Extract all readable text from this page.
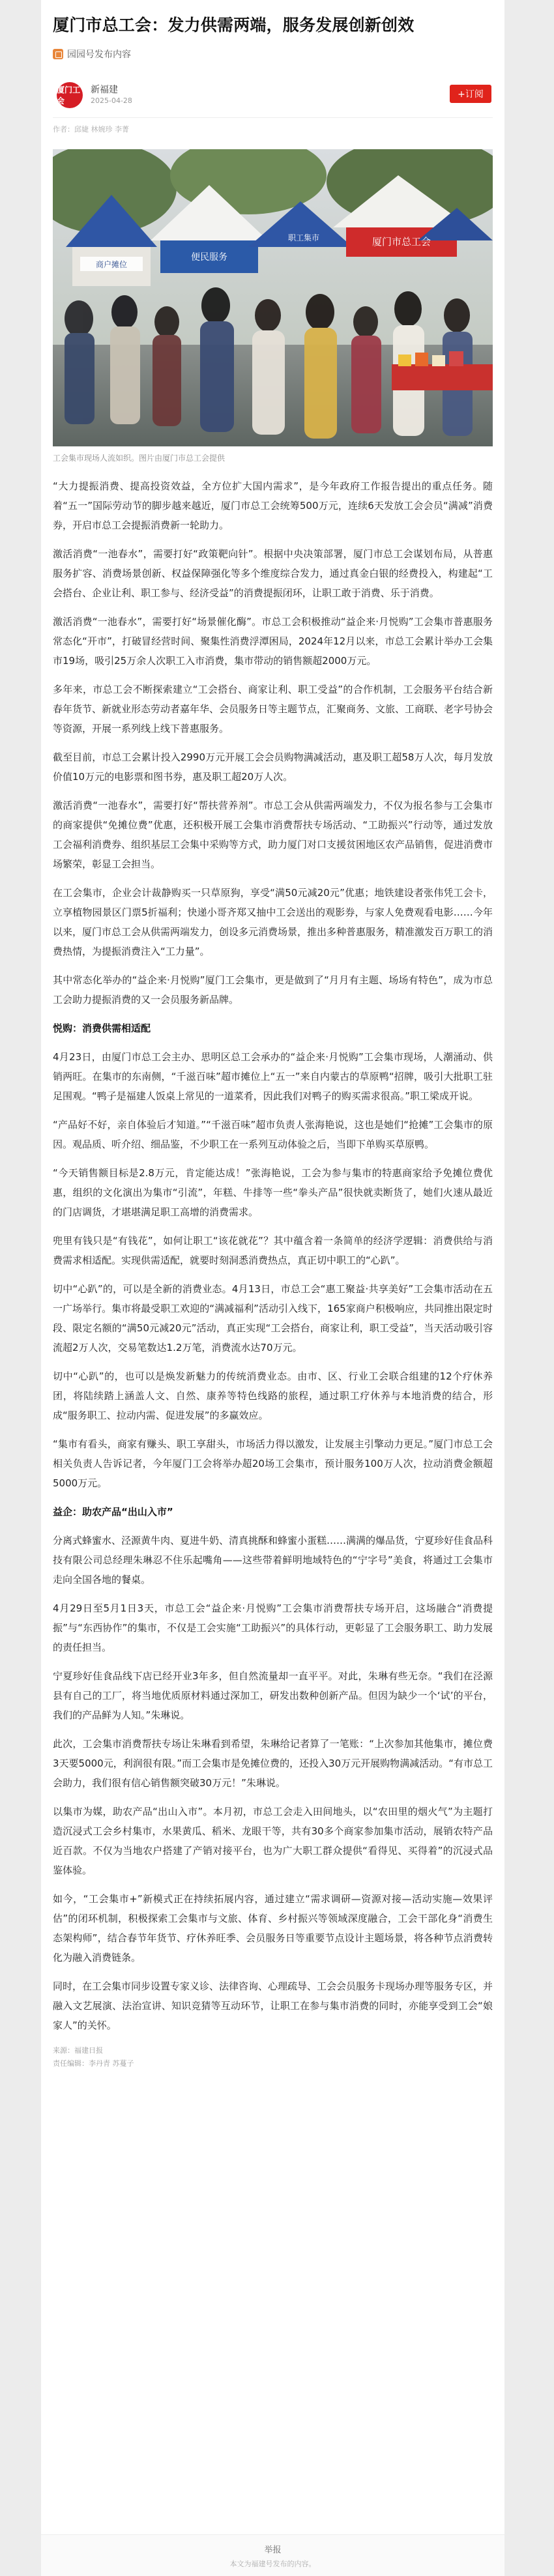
厦门市总工会：发力供需两端，服务发展创新创效
园园号发布内容
厦门工会
新福建
2025-04-28
+订阅
作者：邱婕 林婉珍 李菁
商户摊位
便民服务
厦门市总工会
职工集市
工会集市现场人流如织。图片由厦门市总工会提供

“大力提振消费、提高投资效益，全方位扩大国内需求”，是今年政府工作报告提出的重点任务。随着“五一”国际劳动节的脚步越来越近，厦门市总工会统筹500万元，连续6天发放工会会员“满减”消费券，开启市总工会提振消费新一轮助力。

激活消费“一池春水”，需要打好“政策靶向针”。根据中央决策部署，厦门市总工会谋划布局，从普惠服务扩容、消费场景创新、权益保障强化等多个维度综合发力，通过真金白银的经费投入，构建起“工会搭台、企业让利、职工参与、经济受益”的消费提振闭环，让职工敢于消费、乐于消费。

激活消费“一池春水”，需要打好“场景催化酶”。市总工会积极推动“益企来·月悦购”工会集市普惠服务常态化“开市”，打破冒经营时间、聚集性消费浮潭困局，2024年12月以来，市总工会累计举办工会集市19场，吸引25万余人次职工入市消费，集市带动的销售额超2000万元。

多年来，市总工会不断探索建立“工会搭台、商家让利、职工受益”的合作机制，工会服务平台结合新春年货节、新就业形态劳动者嘉年华、会员服务日等主题节点，汇聚商务、文旅、工商联、老字号协会等资源，开展一系列线上线下普惠服务。

截至目前，市总工会累计投入2990万元开展工会会员购物满减活动，惠及职工超58万人次，每月发放价值10万元的电影票和图书券，惠及职工超20万人次。

激活消费“一池春水”，需要打好“帮扶营养剂”。市总工会从供需两端发力，不仅为报名参与工会集市的商家提供“免摊位费”优惠，还积极开展工会集市消费帮扶专场活动、“工助振兴”行动等，通过发放工会福利消费券、组织基层工会集中采购等方式，助力厦门对口支援贫困地区农产品销售，促进消费市场繁荣，彰显工会担当。

在工会集市，企业会计裁静购买一只草原狗，享受“满50元减20元”优惠；地铁建设者张伟凭工会卡，立享植物园景区门票5折福利；快递小哥齐郑又抽中工会送出的观影券，与家人免费观看电影……今年以来，厦门市总工会从供需两端发力，创设多元消费场景，推出多种普惠服务，精准激发百万职工的消费热情，为提振消费注入“工力量”。

其中常态化举办的“益企来·月悦购”厦门工会集市，更是做到了“月月有主题、场场有特色”，成为市总工会助力提振消费的又一会员服务新品牌。

悦购：消费供需相适配

4月23日，由厦门市总工会主办、思明区总工会承办的“益企来·月悦购”工会集市现场，人潮涌动、供销两旺。在集市的东南侧，“千滋百味”超市摊位上“五一”来自内蒙古的草原鸭“招牌，吸引大批职工驻足围观。“鸭子是福建人饭桌上常见的一道菜肴，因此我们对鸭子的购买需求很高。”职工梁成开说。

“产品好不好，亲自体验后才知道。”“千滋百味”超市负责人张海艳说，这也是她们“抢摊”工会集市的原因。观品质、听介绍、细品鉴，不少职工在一系列互动体验之后，当即下单购买草原鸭。

“今天销售额目标是2.8万元，肯定能达成！”张海艳说，工会为参与集市的特惠商家给予免摊位费优惠，组织的文化演出为集市“引流”，年糕、牛排等一些“拳头产品”很快就卖断货了，她们火速从最近的门店调货，才堪堪满足职工高增的消费需求。

兜里有钱只是“有钱花”，如何让职工“该花就花”？其中蕴含着一条简单的经济学逻辑：消费供给与消费需求相适配。实现供需适配，就要时刻洞悉消费热点，真正切中职工的“心趴”。

切中“心趴”的，可以是全新的消费业态。4月13日，市总工会“惠工聚益·共享美好”工会集市活动在五一广场举行。集市将最受职工欢迎的“满减福利”活动引入线下，165家商户积极响应，共同推出限定时段、限定名额的“满50元减20元”活动，真正实现“工会搭台，商家让利，职工受益”，当天活动吸引容流超2万人次，交易笔数达1.2万笔，消费流水达70万元。

切中“心趴”的，也可以是焕发新魅力的传统消费业态。由市、区、行业工会联合组建的12个疗休养团，将陆续踏上涵盖人文、自然、康养等特色线路的旅程，通过职工疗休养与本地消费的结合，形成“服务职工、拉动内需、促进发展”的多赢效应。

“集市有看头，商家有赚头、职工享甜头，市场活力得以激发，让发展主引擎动力更足。”厦门市总工会相关负责人告诉记者，今年厦门工会将举办超20场工会集市，预计服务100万人次，拉动消费金额超5000万元。

益企：助农产品“出山入市”

分离式蜂蜜水、泾源黄牛肉、夏进牛奶、清真挑酥和蜂蜜小蛋糕……满满的爆品货，宁夏珍好佳食品科技有限公司总经理朱琳忍不住乐起嘴角——这些带着鲜明地域特色的“宁字号”美食，将通过工会集市走向全国各地的餐桌。

4月29日至5月1日3天，市总工会“益企来·月悦购”工会集市消费帮扶专场开启，这场融合“消费提振”与“东西协作”的集市，不仅是工会实施“工助振兴”的具体行动，更彰显了工会服务职工、助力发展的责任担当。

宁夏珍好佳食品线下店已经开业3年多，但自然流量却一直平平。对此，朱琳有些无奈。“我们在泾源县有自己的工厂，将当地优质原材料通过深加工，研发出数种创新产品。但因为缺少一个‘试’的平台，我们的产品鲜为人知。”朱琳说。

此次，工会集市消费帮扶专场让朱琳看到希望，朱琳给记者算了一笔账：“上次参加其他集市，摊位费3天要5000元，利润很有限。”而工会集市是免摊位费的，还投入30万元开展购物满减活动。“有市总工会助力，我们很有信心销售额突破30万元！”朱琳说。

以集市为媒，助农产品“出山入市”。本月初，市总工会走入田间地头，以“农田里的烟火气”为主题打造沉浸式工会乡村集市，水果黄瓜、稻米、龙眼干等，共有30多个商家参加集市活动，展销农特产品近百款。不仅为当地农户搭建了产销对接平台，也为广大职工群众提供“看得见、买得着”的沉浸式品鉴体验。

如今，“工会集市+”新模式正在持续拓展内容，通过建立“需求调研—资源对接—活动实施—效果评估”的闭环机制，积极探索工会集市与文旅、体育、乡村振兴等领域深度融合，工会干部化身“消费生态架构师”，结合春节年货节、疗休养旺季、会员服务日等重要节点设计主题场景，将各种节点消费转化为融入消费链条。

同时，在工会集市同步设置专家义诊、法律咨询、心理疏导、工会会员服务卡现场办理等服务专区，并融入文艺展演、法治宣讲、知识竞猜等互动环节，让职工在参与集市消费的同时，亦能享受到工会“娘家人”的关怀。

来源：福建日报
责任编辑：李丹青 苏蔓子
举报
本文为福建号发布的内容。
